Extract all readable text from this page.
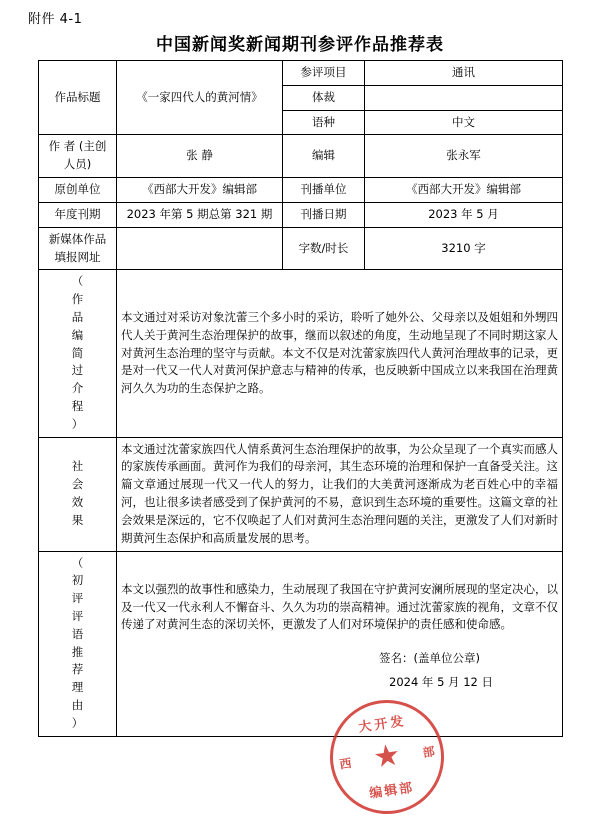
附件 4-1
中国新闻奖新闻期刊参评作品推荐表
作品标题	《一家四代人的黄河情》	参评项目	通讯
		体裁	
		语种	中文
作 者 (主创人员)	张 静	编辑	张永军
原创单位	《西部大开发》编辑部	刊播单位	《西部大开发》编辑部
年度刊期	2023 年第 5 期总第 321 期	刊播日期	2023 年 5 月
新媒体作品 填报网址		字数/时长	3210 字

（
作
品
编
简
过
介
程
）
	本文通过对采访对象沈蕾三个多小时的采访，聆听了她外公、父母亲以及姐姐和外甥四代人关于黄河生态治理保护的故事，继而以叙述的角度，生动地呈现了不同时期这家人对黄河生态治理的坚守与贡献。本文不仅是对沈蕾家族四代人黄河治理故事的记录，更是对一代又一代人对黄河保护意志与精神的传承，也反映新中国成立以来我国在治理黄河久久为功的生态保护之路。

社
会
效
果
	本文通过沈蕾家族四代人情系黄河生态治理保护的故事，为公众呈现了一个真实而感人的家族传承画面。黄河作为我们的母亲河，其生态环境的治理和保护一直备受关注。这篇文章通过展现一代又一代人的努力，让我们的大美黄河逐渐成为老百姓心中的幸福河，也让很多读者感受到了保护黄河的不易，意识到生态环境的重要性。这篇文章的社会效果是深远的，它不仅唤起了人们对黄河生态治理问题的关注，更激发了人们对新时期黄河生态保护和高质量发展的思考。

（
初
评
评
语
推
荐
理
由
）

本文以强烈的故事性和感染力，生动展现了我国在守护黄河安澜所展现的坚定决心，以及一代又一代永利人不懈奋斗、久久为功的崇高精神。通过沈蕾家族的视角，文章不仅传递了对黄河生态的深切关怀，更激发了人们对环境保护的责任感和使命感。
签名：(盖单位公章)
2024 年 5 月 12 日
大开发
西
部
★
编辑部
